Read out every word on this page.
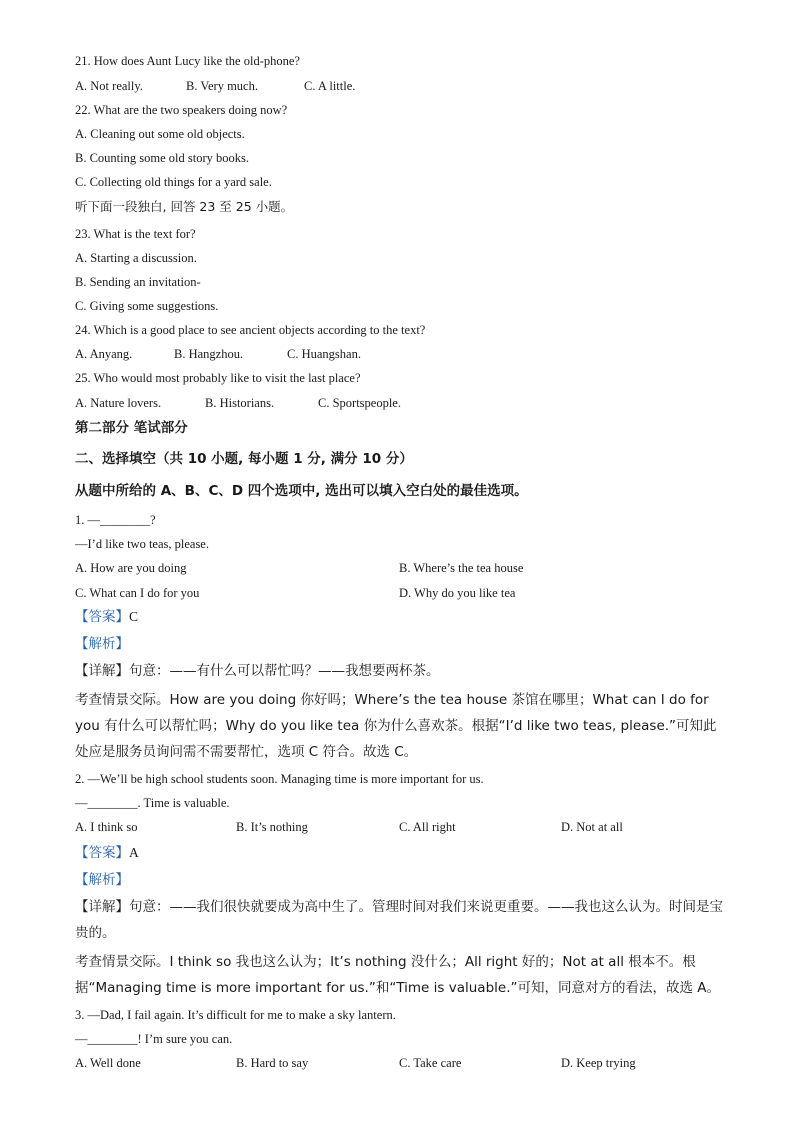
21. How does Aunt Lucy like the old-phone?
A. Not really.	B. Very much.	C. A little.
22. What are the two speakers doing now?
A. Cleaning out some old objects.
B. Counting some old story books.
C. Collecting old things for a yard sale.
听下面一段独白, 回答 23 至 25 小题。
23. What is the text for?
A. Starting a discussion.
B. Sending an invitation-
C. Giving some suggestions.
24. Which is a good place to see ancient objects according to the text?
A. Anyang.	B. Hangzhou.	C. Huangshan.
25. Who would most probably like to visit the last place?
A. Nature lovers.	B. Historians.	C. Sportspeople.
第二部分 笔试部分
二、选择填空（共 10 小题, 每小题 1 分, 满分 10 分）
从题中所给的 A、B、C、D 四个选项中, 选出可以填入空白处的最佳选项。
1. —________?
—I’d like two teas, please.
A. How are you doing	B. Where’s the tea house
C. What can I do for you	D. Why do you like tea
【答案】C
【解析】
【详解】句意：——有什么可以帮忙吗？——我想要两杯茶。
考查情景交际。How are you doing 你好吗；Where’s the tea house 茶馆在哪里；What can I do for you 有什么可以帮忙吗；Why do you like tea 你为什么喜欢茶。根据“I’d like two teas, please.”可知此处应是服务员询问需不需要帮忙，选项 C 符合。故选 C。
2. —We’ll be high school students soon. Managing time is more important for us.
—________. Time is valuable.
A. I think so	B. It’s nothing	C. All right	D. Not at all
【答案】A
【解析】
【详解】句意：——我们很快就要成为高中生了。管理时间对我们来说更重要。——我也这么认为。时间是宝贵的。
考查情景交际。I think so 我也这么认为；It’s nothing 没什么；All right 好的；Not at all 根本不。根据“Managing time is more important for us.”和“Time is valuable.”可知，同意对方的看法，故选 A。
3. —Dad, I fail again. It’s difficult for me to make a sky lantern.
—________! I’m sure you can.
A. Well done	B. Hard to say	C. Take care	D. Keep trying
